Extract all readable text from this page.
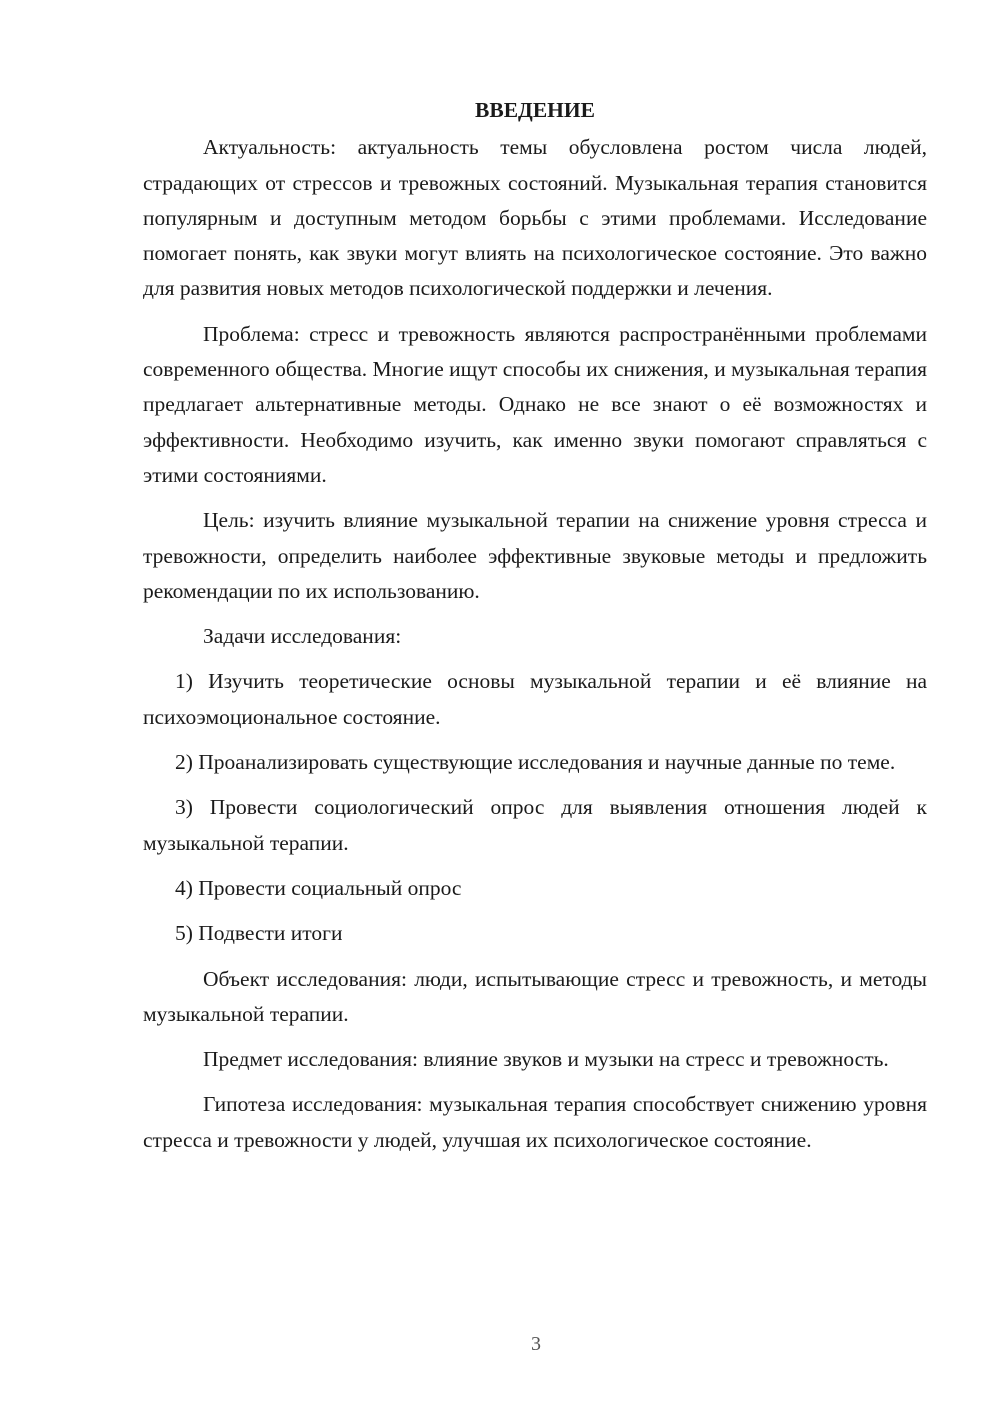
ВВЕДЕНИЕ

Актуальность: актуальность темы обусловлена ростом числа людей, страдающих от стрессов и тревожных состояний. Музыкальная терапия становится популярным и доступным методом борьбы с этими проблемами. Исследование помогает понять, как звуки могут влиять на психологическое состояние. Это важно для развития новых методов психологической поддержки и лечения.

Проблема: стресс и тревожность являются распространёнными проблемами современного общества. Многие ищут способы их снижения, и музыкальная терапия предлагает альтернативные методы. Однако не все знают о её возможностях и эффективности. Необходимо изучить, как именно звуки помогают справляться с этими состояниями.

Цель: изучить влияние музыкальной терапии на снижение уровня стресса и тревожности, определить наиболее эффективные звуковые методы и предложить рекомендации по их использованию.

Задачи исследования:

1) Изучить теоретические основы музыкальной терапии и её влияние на психоэмоциональное состояние.

2) Проанализировать существующие исследования и научные данные по теме.

3) Провести социологический опрос для выявления отношения людей к музыкальной терапии.

4) Провести социальный опрос

5) Подвести итоги

Объект исследования: люди, испытывающие стресс и тревожность, и методы музыкальной терапии.

Предмет исследования: влияние звуков и музыки на стресс и тревожность.

Гипотеза исследования: музыкальная терапия способствует снижению уровня стресса и тревожности у людей, улучшая их психологическое состояние.

3
